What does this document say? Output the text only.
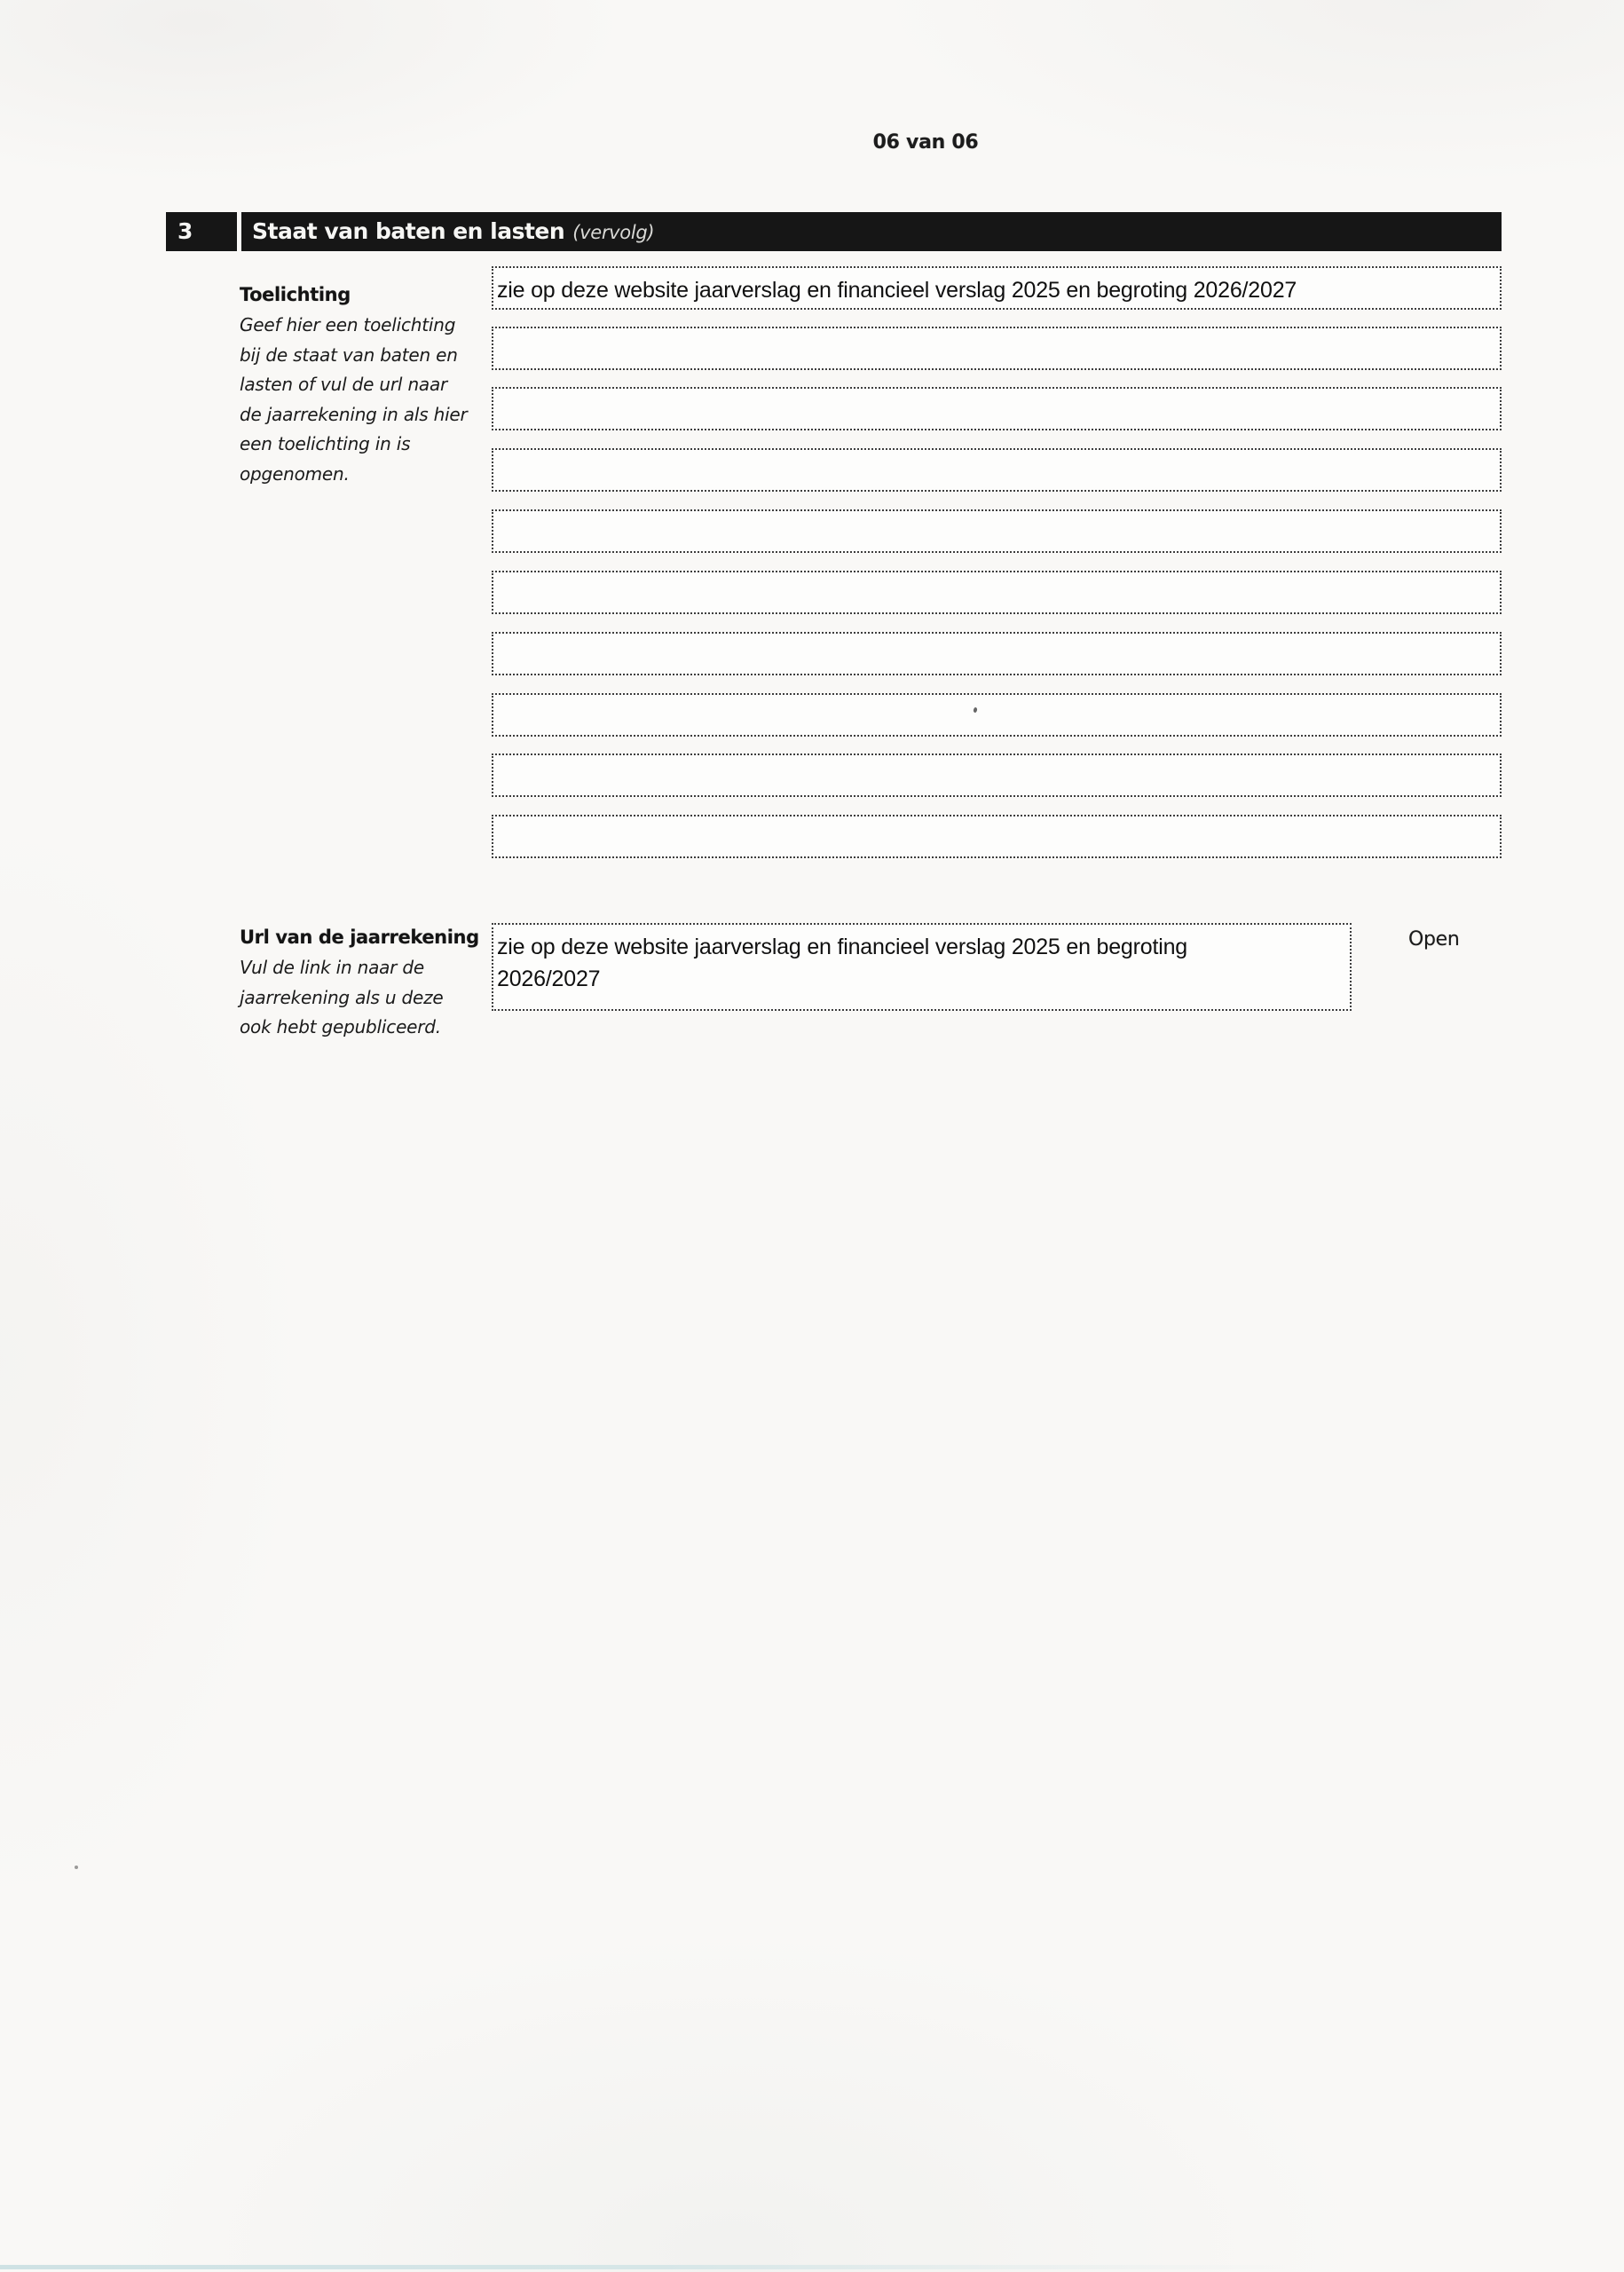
06 van 06
3	Staat van baten en lasten (vervolg)
Toelichting
Geef hier een toelichting
bij de staat van baten en
lasten of vul de url naar
de jaarrekening in als hier
een toelichting in is
opgenomen.
zie op deze website jaarverslag en financieel verslag 2025 en begroting 2026/2027
Url van de jaarrekening
Vul de link in naar de
jaarrekening als u deze
ook hebt gepubliceerd.
zie op deze website jaarverslag en financieel verslag 2025 en begroting
2026/2027
Open
